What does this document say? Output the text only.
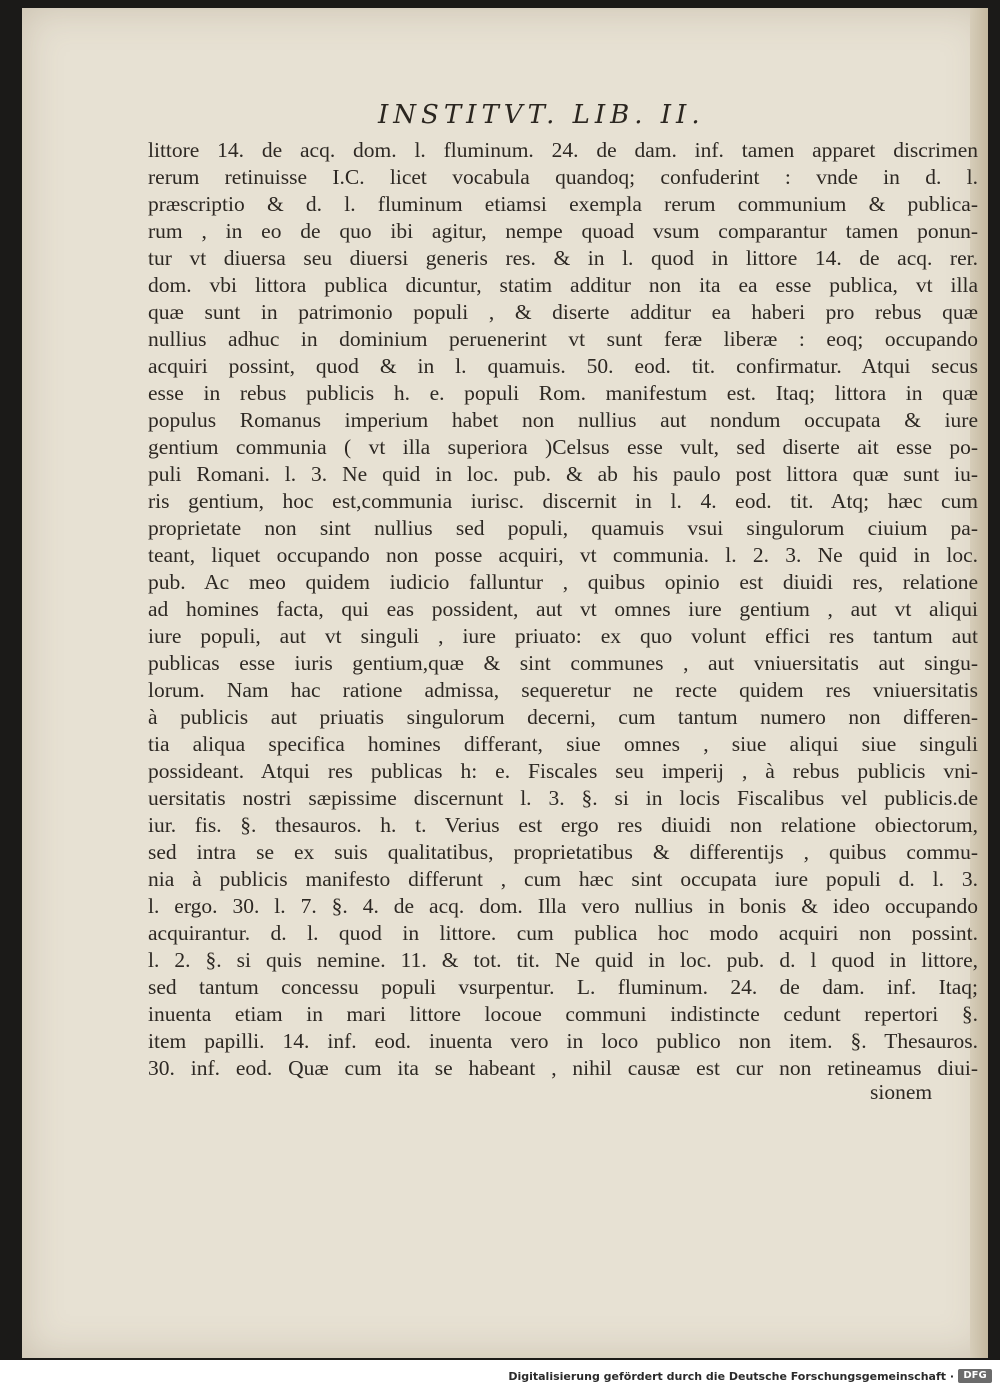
INSTITVT. LIB. II.
littore 14. de acq. dom. l. fluminum. 24. de dam. inf. tamen apparet discrimen
rerum retinuisse I.C. licet vocabula quandoq; confuderint : vnde in d. l.
præscriptio & d. l. fluminum etiamsi exempla rerum communium & publica-
rum , in eo de quo ibi agitur, nempe quoad vsum comparantur tamen ponun-
tur vt diuersa seu diuersi generis res. & in l. quod in littore 14. de acq. rer.
dom. vbi littora publica dicuntur, statim additur non ita ea esse publica, vt illa
quæ sunt in patrimonio populi , & diserte additur ea haberi pro rebus quæ
nullius adhuc in dominium peruenerint vt sunt feræ liberæ : eoq; occupando
acquiri possint, quod & in l. quamuis. 50. eod. tit. confirmatur. Atqui secus
esse in rebus publicis h. e. populi Rom. manifestum est. Itaq; littora in quæ
populus Romanus imperium habet non nullius aut nondum occupata & iure
gentium communia ( vt illa superiora )Celsus esse vult, sed diserte ait esse po-
puli Romani. l. 3. Ne quid in loc. pub. & ab his paulo post littora quæ sunt iu-
ris gentium, hoc est,communia iurisc. discernit in l. 4. eod. tit. Atq; hæc cum
proprietate non sint nullius sed populi, quamuis vsui singulorum ciuium pa-
teant, liquet occupando non posse acquiri, vt communia. l. 2. 3. Ne quid in loc.
pub. Ac meo quidem iudicio falluntur , quibus opinio est diuidi res, relatione
ad homines facta, qui eas possident, aut vt omnes iure gentium , aut vt aliqui
iure populi, aut vt singuli , iure priuato: ex quo volunt effici res tantum aut
publicas esse iuris gentium,quæ & sint communes , aut vniuersitatis aut singu-
lorum. Nam hac ratione admissa, sequeretur ne recte quidem res vniuersitatis
à publicis aut priuatis singulorum decerni, cum tantum numero non differen-
tia aliqua specifica homines differant, siue omnes , siue aliqui siue singuli
possideant. Atqui res publicas h: e. Fiscales seu imperij , à rebus publicis vni-
uersitatis nostri sæpissime discernunt l. 3. §. si in locis Fiscalibus vel publicis.de
iur. fis. §. thesauros. h. t. Verius est ergo res diuidi non relatione obiectorum,
sed intra se ex suis qualitatibus, proprietatibus & differentijs , quibus commu-
nia à publicis manifesto differunt , cum hæc sint occupata iure populi d. l. 3.
l. ergo. 30. l. 7. §. 4. de acq. dom. Illa vero nullius in bonis & ideo occupando
acquirantur. d. l. quod in littore. cum publica hoc modo acquiri non possint.
l. 2. §. si quis nemine. 11. & tot. tit. Ne quid in loc. pub. d. l quod in littore,
sed tantum concessu populi vsurpentur. L. fluminum. 24. de dam. inf. Itaq;
inuenta etiam in mari littore locoue communi indistincte cedunt repertori §.
item papilli. 14. inf. eod. inuenta vero in loco publico non item. §. Thesauros.
30. inf. eod. Quæ cum ita se habeant , nihil causæ est cur non retineamus diui-
sionem
Digitalisierung gefördert durch die Deutsche Forschungsgemeinschaft · DFG
